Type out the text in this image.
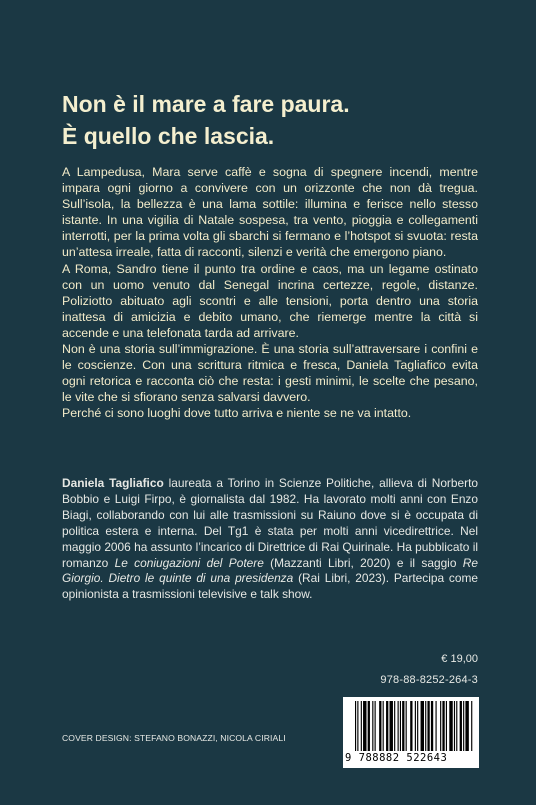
Non è il mare a fare paura.
È quello che lascia.

A Lampedusa, Mara serve caffè e sogna di spegnere incendi, mentre impara ogni giorno a convivere con un orizzonte che non dà tregua. Sull’isola, la bellezza è una lama sottile: illumina e ferisce nello stesso istante. In una vigilia di Natale sospesa, tra vento, pioggia e collegamenti interrotti, per la prima volta gli sbarchi si fermano e l’hotspot si svuota: resta un’attesa irreale, fatta di racconti, silenzi e verità che emergono piano.

A Roma, Sandro tiene il punto tra ordine e caos, ma un legame ostinato con un uomo venuto dal Senegal incrina certezze, regole, distanze. Poliziotto abituato agli scontri e alle tensioni, porta dentro una storia inattesa di amicizia e debito umano, che riemerge mentre la città si accende e una telefonata tarda ad arrivare.

Non è una storia sull’immigrazione. È una storia sull’attraversare i confini e le coscienze. Con una scrittura ritmica e fresca, Daniela Tagliafico evita ogni retorica e racconta ciò che resta: i gesti minimi, le scelte che pesano, le vite che si sfiorano senza salvarsi davvero.

Perché ci sono luoghi dove tutto arriva e niente se ne va intatto.

Daniela Tagliafico laureata a Torino in Scienze Politiche, allieva di Norberto Bobbio e Luigi Firpo, è giornalista dal 1982. Ha lavorato molti anni con Enzo Biagi, collaborando con lui alle trasmissioni su Raiuno dove si è occupata di politica estera e interna. Del Tg1 è stata per molti anni vicedirettrice. Nel maggio 2006 ha assunto l’incarico di Direttrice di Rai Quirinale. Ha pubblicato il romanzo Le coniugazioni del Potere (Mazzanti Libri, 2020) e il saggio Re Giorgio. Dietro le quinte di una presidenza (Rai Libri, 2023). Partecipa come opinionista a trasmissioni televisive e talk show.

€ 19,00
978-88-8252-264-3
9 788882 522643
COVER DESIGN: STEFANO BONAZZI, NICOLA CIRIALI
